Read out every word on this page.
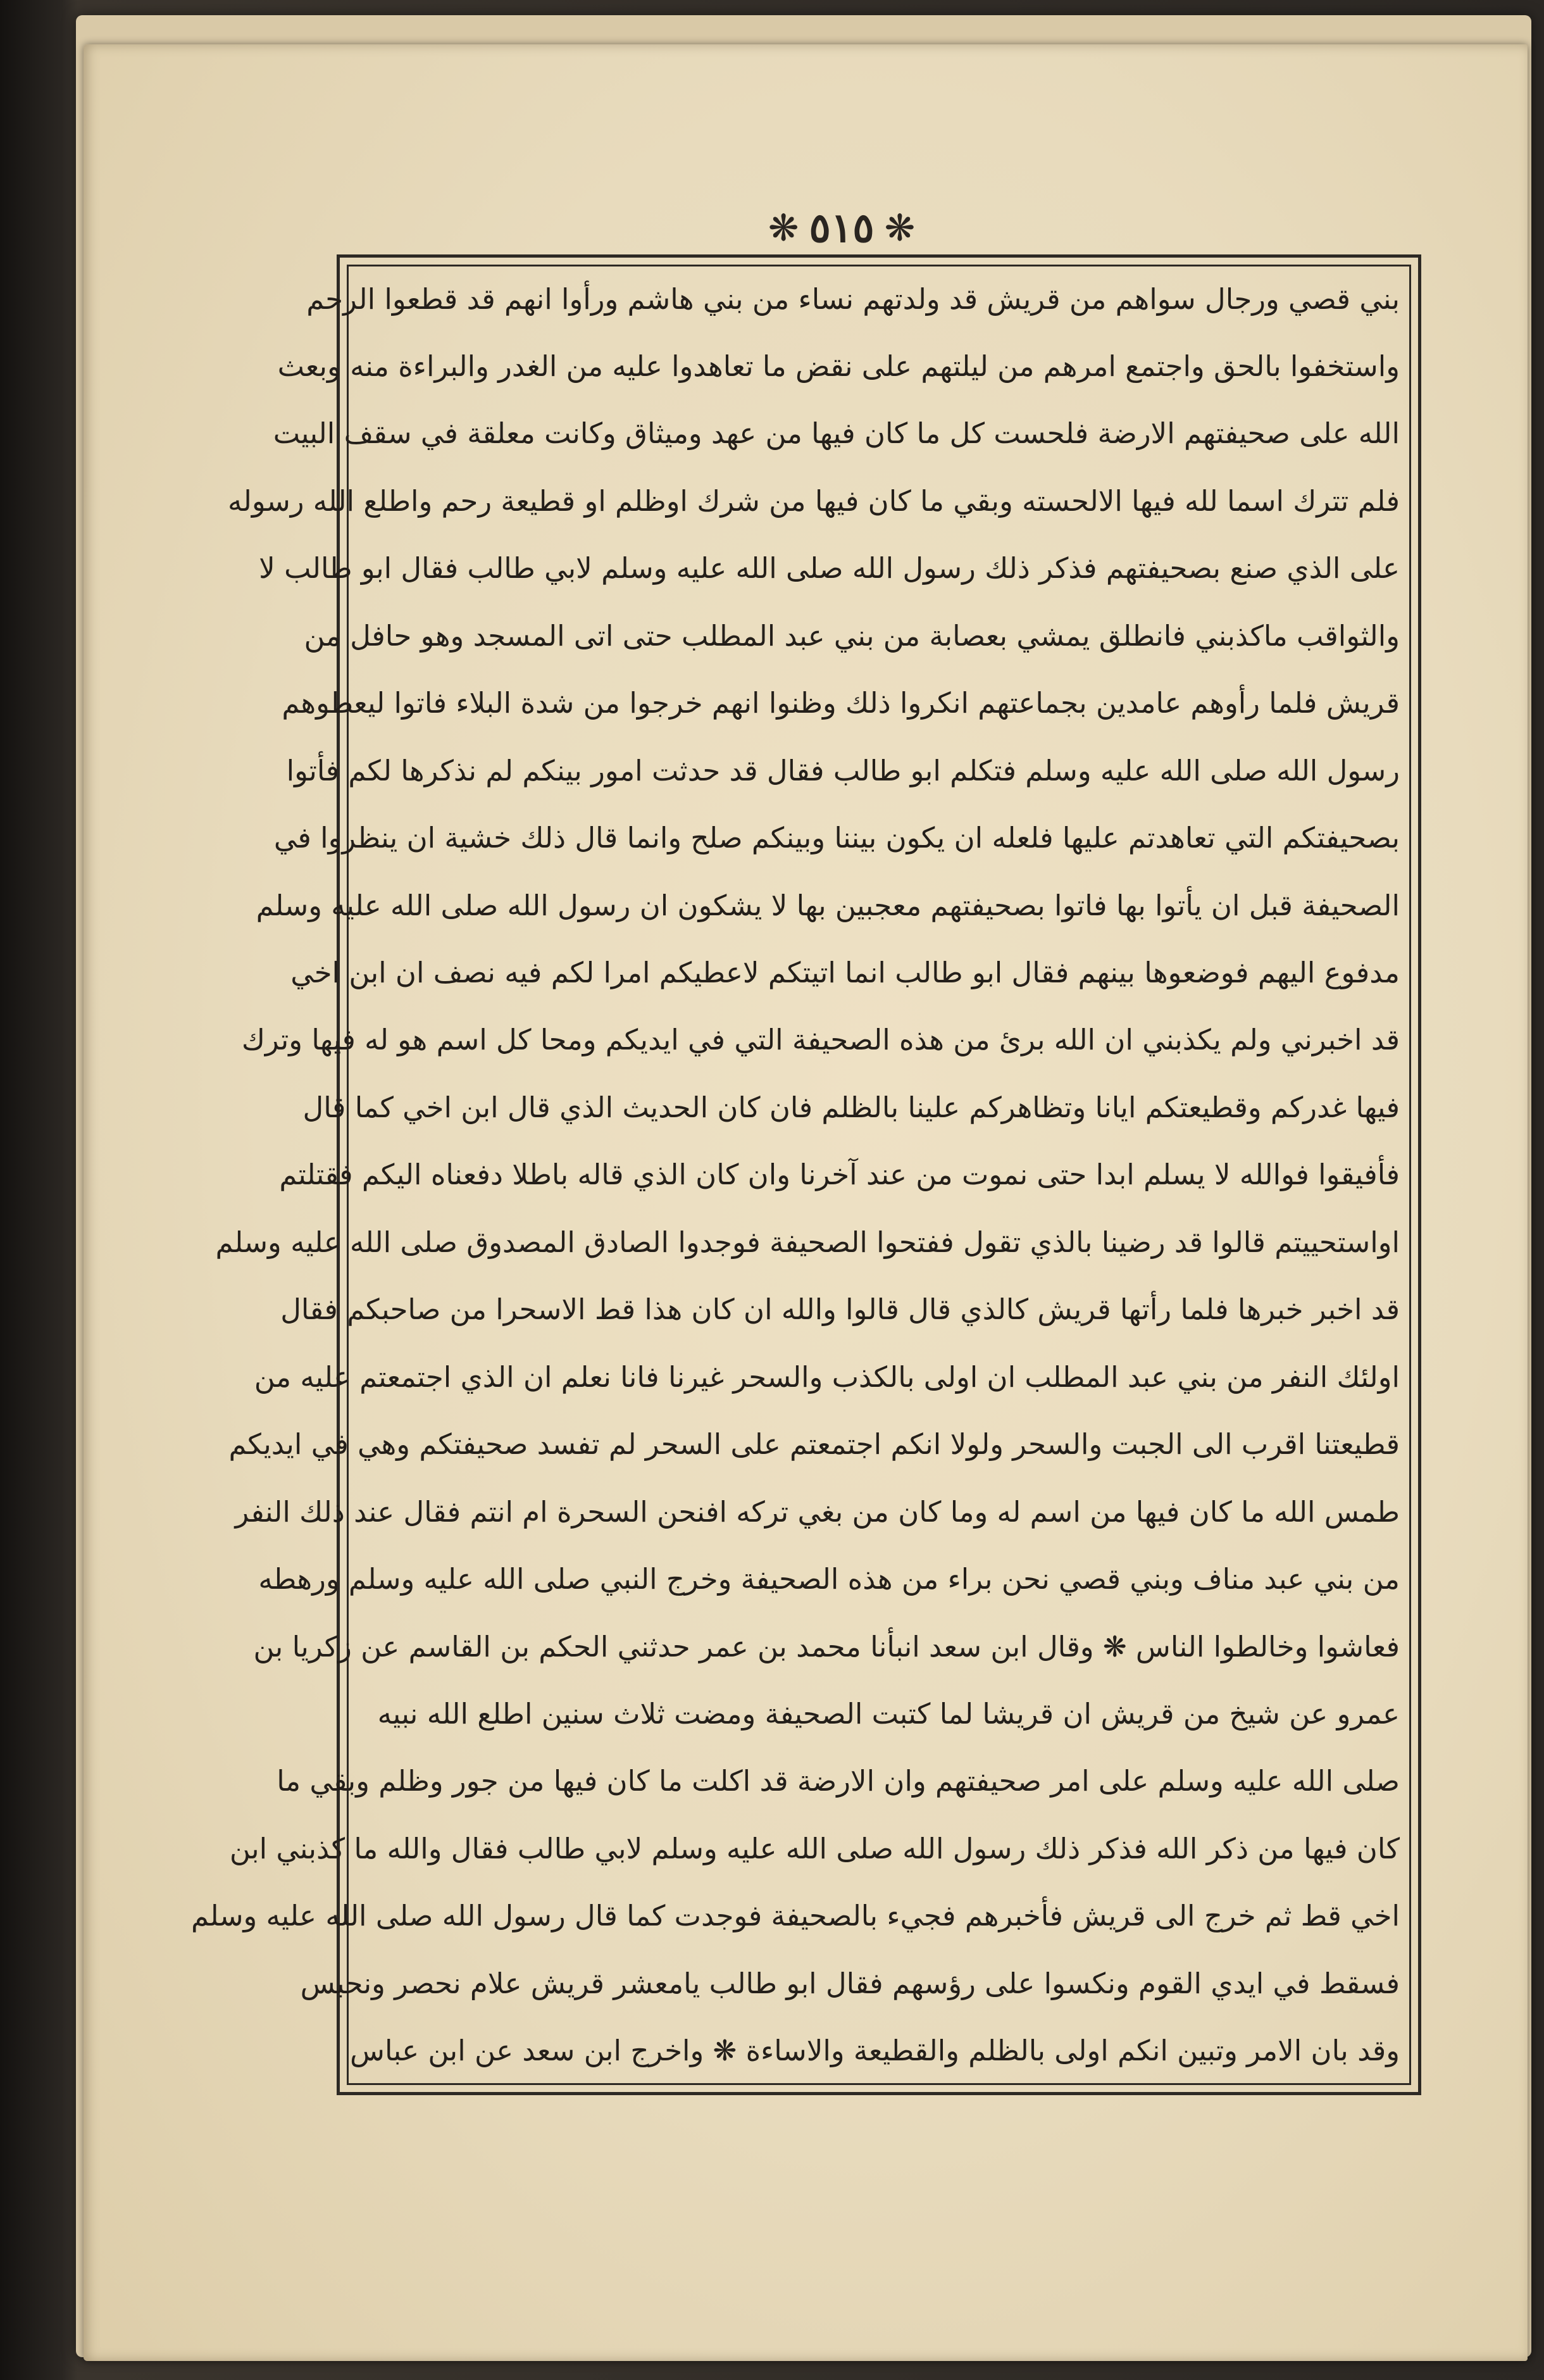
❋ ٥١٥ ❋
بني قصي ورجال سواهم من قريش قد ولدتهم نساء من بني هاشم ورأوا انهم قد قطعوا الرحم
واستخفوا بالحق واجتمع امرهم من ليلتهم على نقض ما تعاهدوا عليه من الغدر والبراءة منه وبعث
الله على صحيفتهم الارضة فلحست كل ما كان فيها من عهد وميثاق وكانت معلقة في سقف البيت
فلم تترك اسما لله فيها الالحسته وبقي ما كان فيها من شرك اوظلم او قطيعة رحم واطلع الله رسوله
على الذي صنع بصحيفتهم فذكر ذلك رسول الله صلى الله عليه وسلم لابي طالب فقال ابو طالب لا
والثواقب ماكذبني فانطلق يمشي بعصابة من بني عبد المطلب حتى اتى المسجد وهو حافل من
قريش فلما رأوهم عامدين بجماعتهم انكروا ذلك وظنوا انهم خرجوا من شدة البلاء فاتوا ليعطوهم
رسول الله صلى الله عليه وسلم فتكلم ابو طالب فقال قد حدثت امور بينكم لم نذكرها لكم فأتوا
بصحيفتكم التي تعاهدتم عليها فلعله ان يكون بيننا وبينكم صلح وانما قال ذلك خشية ان ينظروا في
الصحيفة قبل ان يأتوا بها فاتوا بصحيفتهم معجبين بها لا يشكون ان رسول الله صلى الله عليه وسلم
مدفوع اليهم فوضعوها بينهم فقال ابو طالب انما اتيتكم لاعطيكم امرا لكم فيه نصف ان ابن اخي
قد اخبرني ولم يكذبني ان الله برئ من هذه الصحيفة التي في ايديكم ومحا كل اسم هو له فيها وترك
فيها غدركم وقطيعتكم ايانا وتظاهركم علينا بالظلم فان كان الحديث الذي قال ابن اخي كما قال
فأفيقوا فوالله لا يسلم ابدا حتى نموت من عند آخرنا وان كان الذي قاله باطلا دفعناه اليكم فقتلتم
اواستحييتم قالوا قد رضينا بالذي تقول ففتحوا الصحيفة فوجدوا الصادق المصدوق صلى الله عليه وسلم
قد اخبر خبرها فلما رأتها قريش كالذي قال قالوا والله ان كان هذا قط الاسحرا من صاحبكم فقال
اولئك النفر من بني عبد المطلب ان اولى بالكذب والسحر غيرنا فانا نعلم ان الذي اجتمعتم عليه من
قطيعتنا اقرب الى الجبت والسحر ولولا انكم اجتمعتم على السحر لم تفسد صحيفتكم وهي في ايديكم
طمس الله ما كان فيها من اسم له وما كان من بغي تركه افنحن السحرة ام انتم فقال عند ذلك النفر
من بني عبد مناف وبني قصي نحن براء من هذه الصحيفة وخرج النبي صلى الله عليه وسلم ورهطه
فعاشوا وخالطوا الناس ❋ وقال ابن سعد انبأنا محمد بن عمر حدثني الحكم بن القاسم عن زكريا بن
عمرو عن شيخ من قريش ان قريشا لما كتبت الصحيفة ومضت ثلاث سنين اطلع الله نبيه
صلى الله عليه وسلم على امر صحيفتهم وان الارضة قد اكلت ما كان فيها من جور وظلم وبقي ما
كان فيها من ذكر الله فذكر ذلك رسول الله صلى الله عليه وسلم لابي طالب فقال والله ما كذبني ابن
اخي قط ثم خرج الى قريش فأخبرهم فجيء بالصحيفة فوجدت كما قال رسول الله صلى الله عليه وسلم
فسقط في ايدي القوم ونكسوا على رؤسهم فقال ابو طالب يامعشر قريش علام نحصر ونحبس
وقد بان الامر وتبين انكم اولى بالظلم والقطيعة والاساءة ❋ واخرج ابن سعد عن ابن عباس
